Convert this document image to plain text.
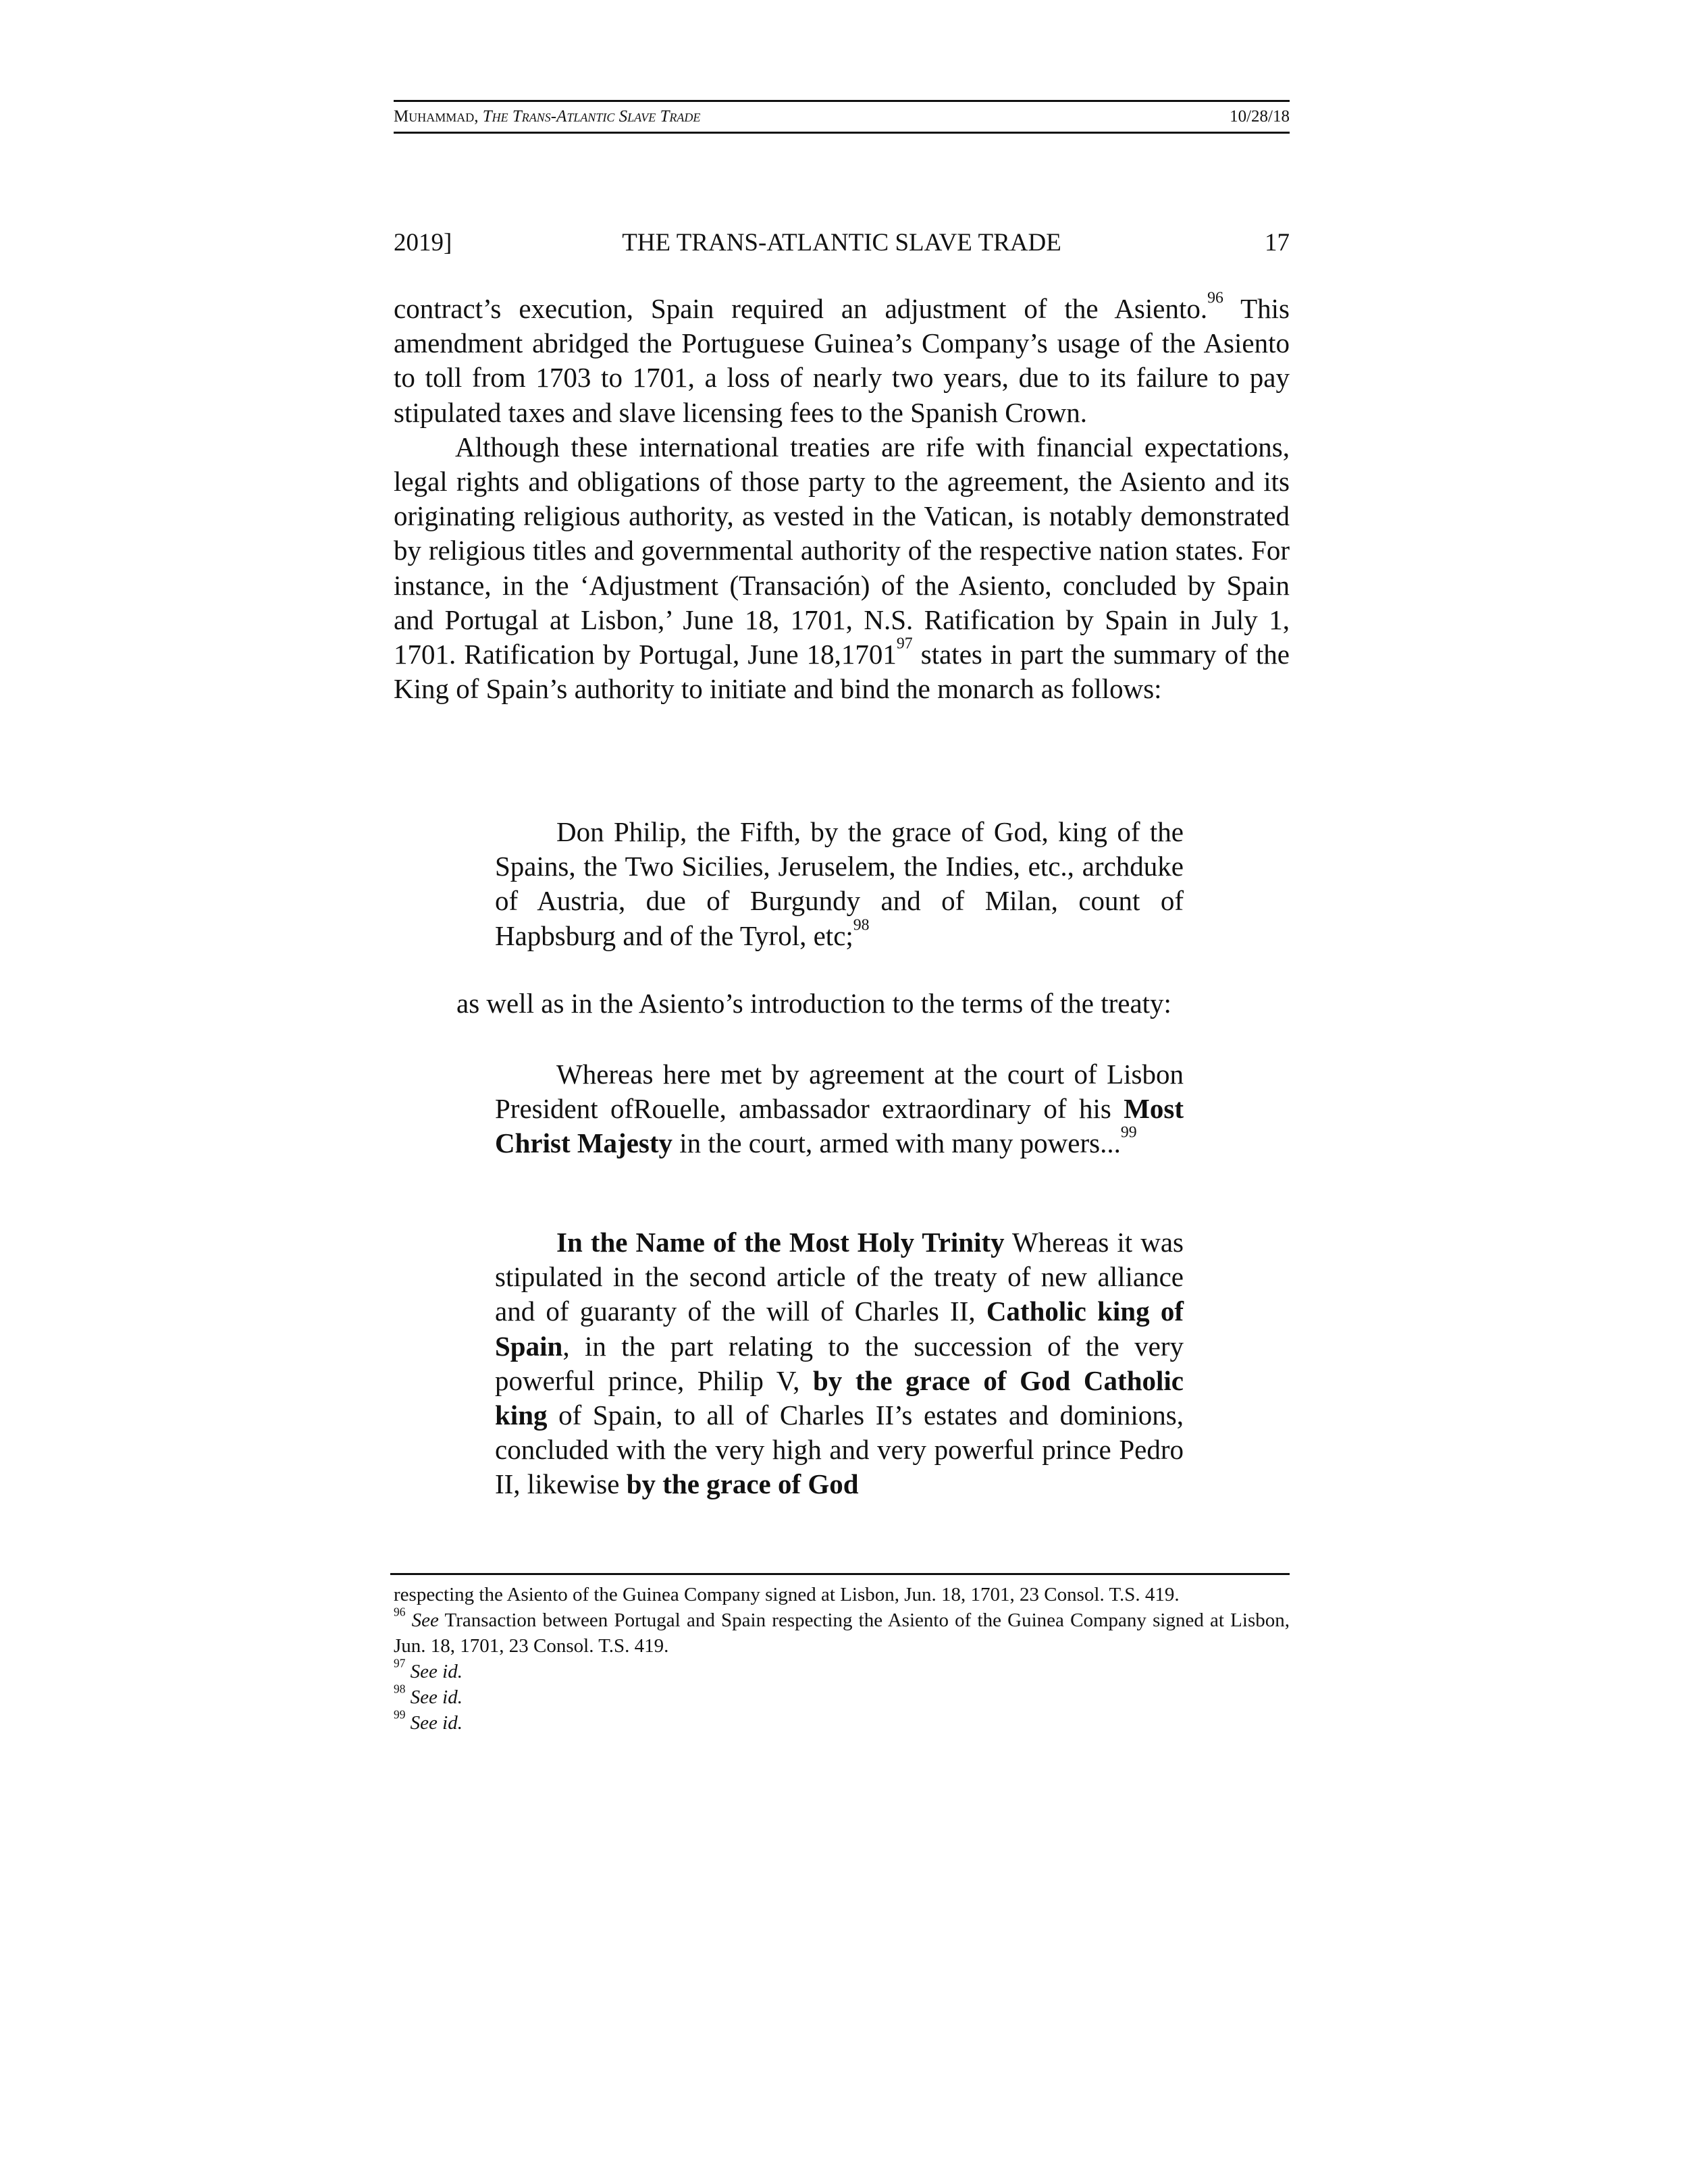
Muhammad, The Trans-Atlantic Slave Trade	10/28/18
2019]	THE TRANS-ATLANTIC SLAVE TRADE	17

contract’s execution, Spain required an adjustment of the Asiento.$^{96}$ This amendment abridged the Portuguese Guinea’s Company’s usage of the Asiento to toll from 1703 to 1701, a loss of nearly two years, due to its failure to pay stipulated taxes and slave licensing fees to the Spanish Crown.

Although these international treaties are rife with financial expectations, legal rights and obligations of those party to the agreement, the Asiento and its originating religious authority, as vested in the Vatican, is notably demonstrated by religious titles and governmental authority of the respective nation states. For instance, in the ‘Adjustment (Transación) of the Asiento, concluded by Spain and Portugal at Lisbon,’ June 18, 1701, N.S. Ratification by Spain in July 1, 1701. Ratification by Portugal, June 18,1701$^{97}$ states in part the summary of the King of Spain’s authority to initiate and bind the monarch as follows:

Don Philip, the Fifth, by the grace of God, king of the Spains, the Two Sicilies, Jeruselem, the Indies, etc., archduke of Austria, due of Burgundy and of Milan, count of Hapbsburg and of the Tyrol, etc;$^{98}$

as well as in the Asiento’s introduction to the terms of the treaty:

Whereas here met by agreement at the court of Lisbon President ofRouelle, ambassador extraordinary of his Most Christ Majesty in the court, armed with many powers...$^{99}$

In the Name of the Most Holy Trinity Whereas it was stipulated in the second article of the treaty of new alliance and of guaranty of the will of Charles II, Catholic king of Spain, in the part relating to the succession of the very powerful prince, Philip V, by the grace of God Catholic king of Spain, to all of Charles II’s estates and dominions, concluded with the very high and very powerful prince Pedro II, likewise by the grace of God

respecting the Asiento of the Guinea Company signed at Lisbon, Jun. 18, 1701, 23 Consol. T.S. 419.

$^{96}$ See Transaction between Portugal and Spain respecting the Asiento of the Guinea Company signed at Lisbon, Jun. 18, 1701, 23 Consol. T.S. 419.

$^{97}$ See id.

$^{98}$ See id.

$^{99}$ See id.
